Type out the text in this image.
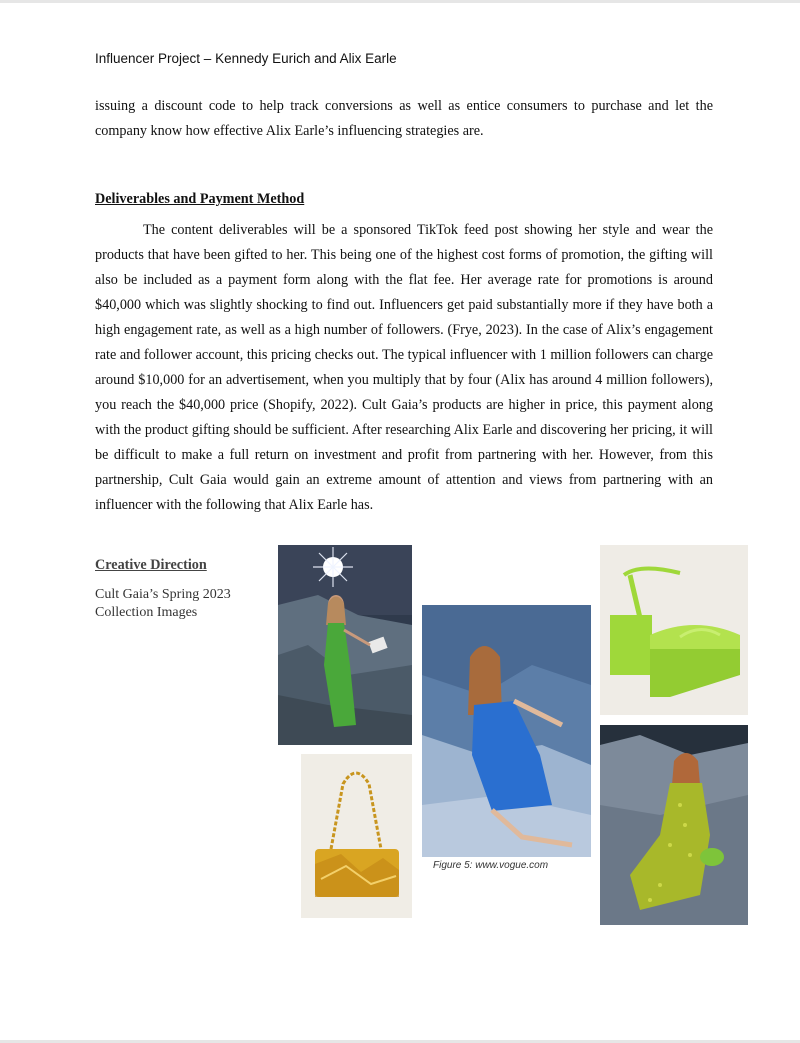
Influencer Project – Kennedy Eurich and Alix Earle

issuing a discount code to help track conversions as well as entice consumers to purchase and let the company know how effective Alix Earle’s influencing strategies are.

Deliverables and Payment Method

The content deliverables will be a sponsored TikTok feed post showing her style and wear the products that have been gifted to her. This being one of the highest cost forms of promotion, the gifting will also be included as a payment form along with the flat fee. Her average rate for promotions is around $40,000 which was slightly shocking to find out. Influencers get paid substantially more if they have both a high engagement rate, as well as a high number of followers. (Frye, 2023). In the case of Alix’s engagement rate and follower account, this pricing checks out. The typical influencer with 1 million followers can charge around $10,000 for an advertisement, when you multiply that by four (Alix has around 4 million followers), you reach the $40,000 price (Shopify, 2022). Cult Gaia’s products are higher in price, this payment along with the product gifting should be sufficient. After researching Alix Earle and discovering her pricing, it will be difficult to make a full return on investment and profit from partnering with her. However, from this partnership, Cult Gaia would gain an extreme amount of attention and views from partnering with an influencer with the following that Alix Earle has.

Creative Direction
Cult Gaia’s Spring 2023
Collection Images
Figure 5: www.vogue.com
